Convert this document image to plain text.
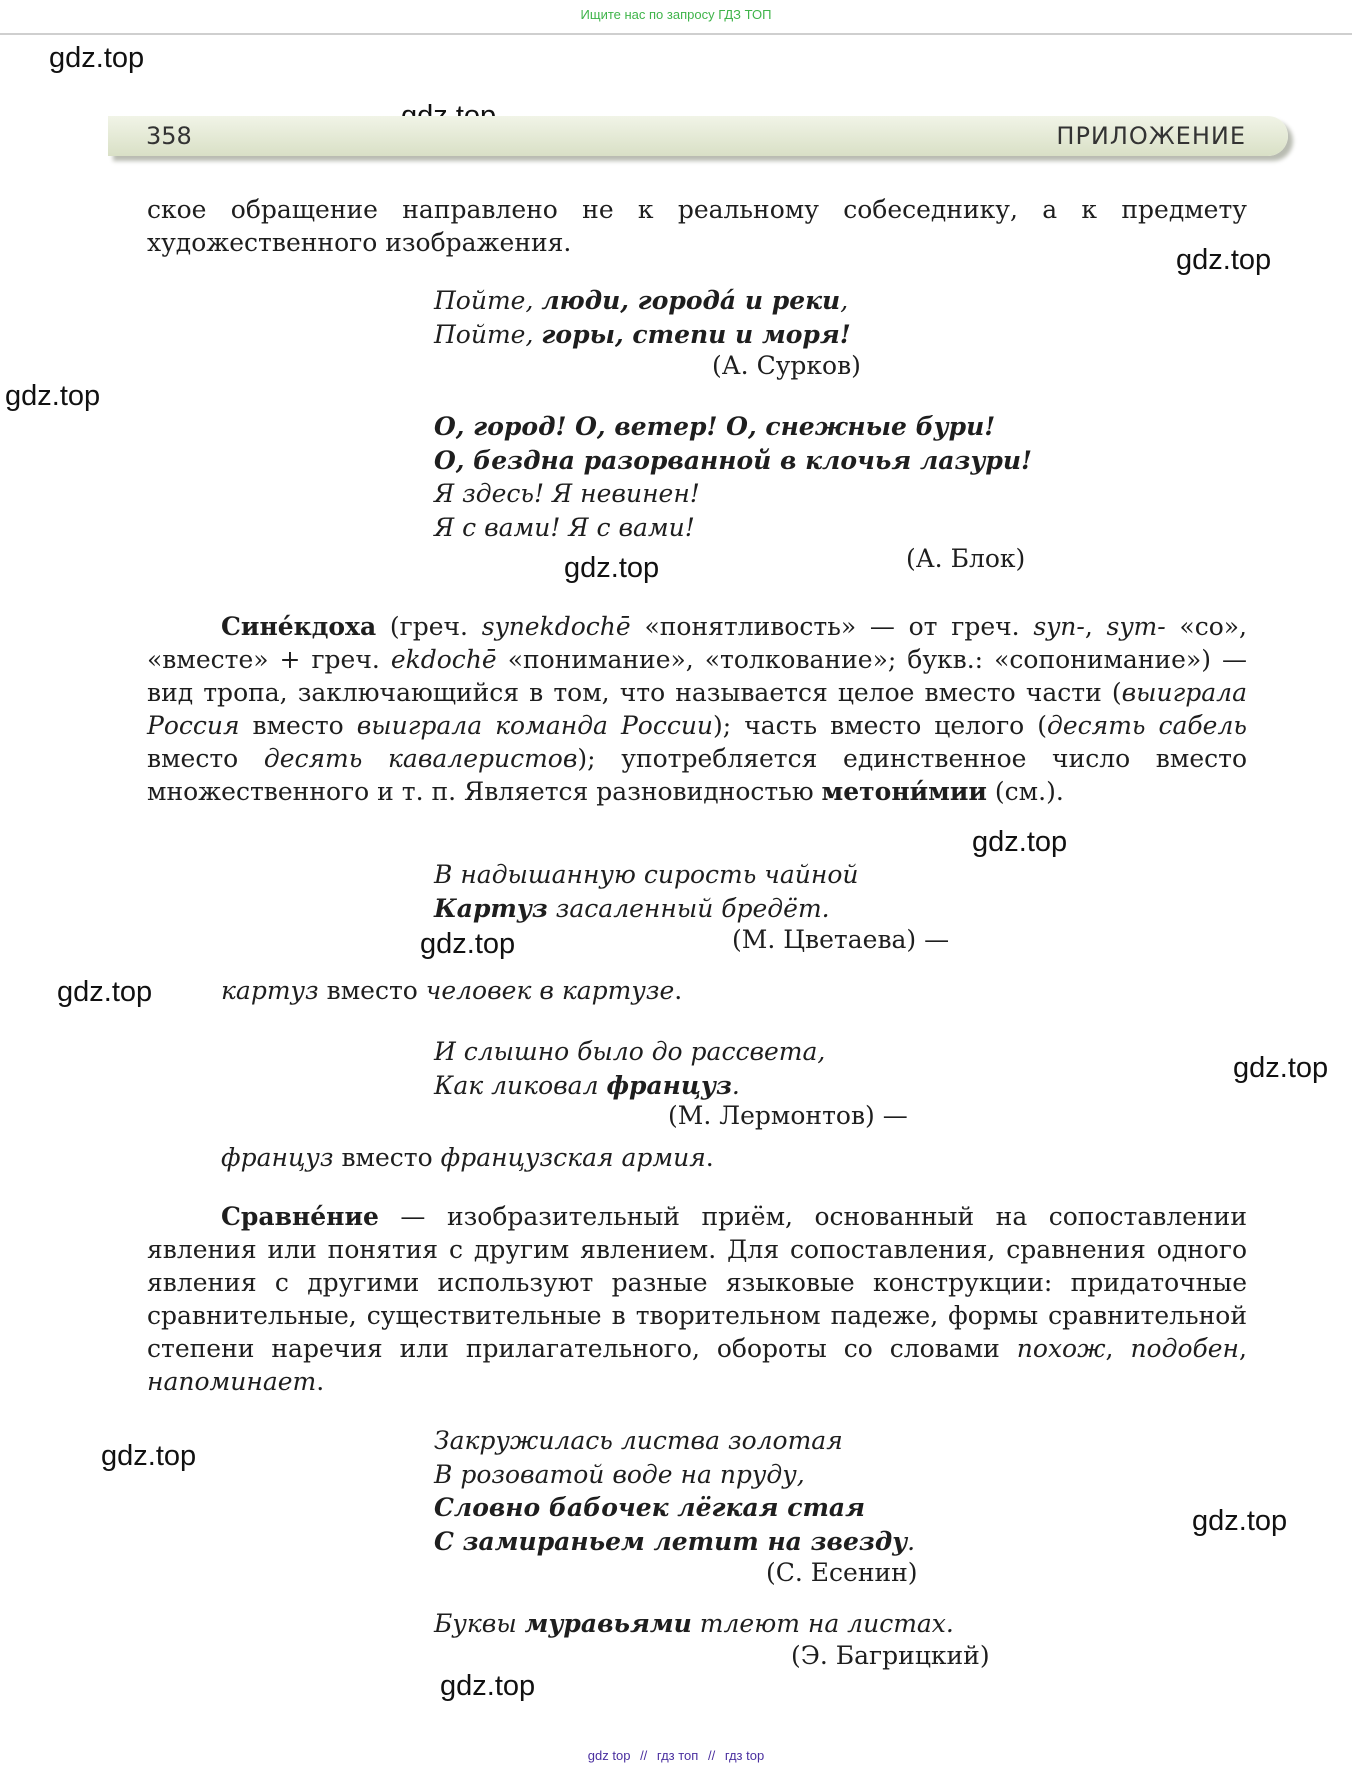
Ищите нас по запросу ГДЗ ТОП
gdz.top
gdz.top
gdz.top
gdz.top
gdz.top
gdz.top
gdz.top
gdz.top
gdz.top
gdz.top
gdz.top
358	ПРИЛОЖЕНИЕ
ское обращение направлено не к реальному собеседнику, а к предмету художественного изображения.
Пойте, люди, городá и реки,
Пойте, горы, степи и моря!
(А. Сурков)
О, город! О, ветер! О, снежные бури!
О, бездна разорванной в клочья лазури!
Я здесь! Я невинен!
Я с вами! Я с вами!
(А. Блок)
Сине́кдоха (греч. synekdochē «понятливость» — от греч. syn-, sym- «со», «вместе» + греч. ekdochē «понимание», «толкование»; букв.: «сопонимание») — вид тропа, заключающийся в том, что называется целое вместо части (выиграла Россия вместо выиграла команда России); часть вместо целого (десять сабель вместо десять кавалеристов); употребляется единственное число вместо множественного и т. п. Является разновидностью метони́мии (см.).
В надышанную сирость чайной
Картуз засаленный бредёт.
(М. Цветаева) —
картуз вместо человек в картузе.
И слышно было до рассвета,
Как ликовал француз.
(М. Лермонтов) —
француз вместо французская армия.
Сравне́ние — изобразительный приём, основанный на сопоставлении явления или понятия с другим явлением. Для сопоставления, сравнения одного явления с другими используют разные языковые конструкции: придаточные сравнительные, существительные в творительном падеже, формы сравнительной степени наречия или прилагательного, обороты со словами похож, подобен, напоминает.
Закружилась листва золотая
В розоватой воде на пруду,
Словно бабочек лёгкая стая
С замираньем летит на звезду.
(С. Есенин)
Буквы муравьями тлеют на листах.
(Э. Багрицкий)
gdz top // гдз топ // гдз top
